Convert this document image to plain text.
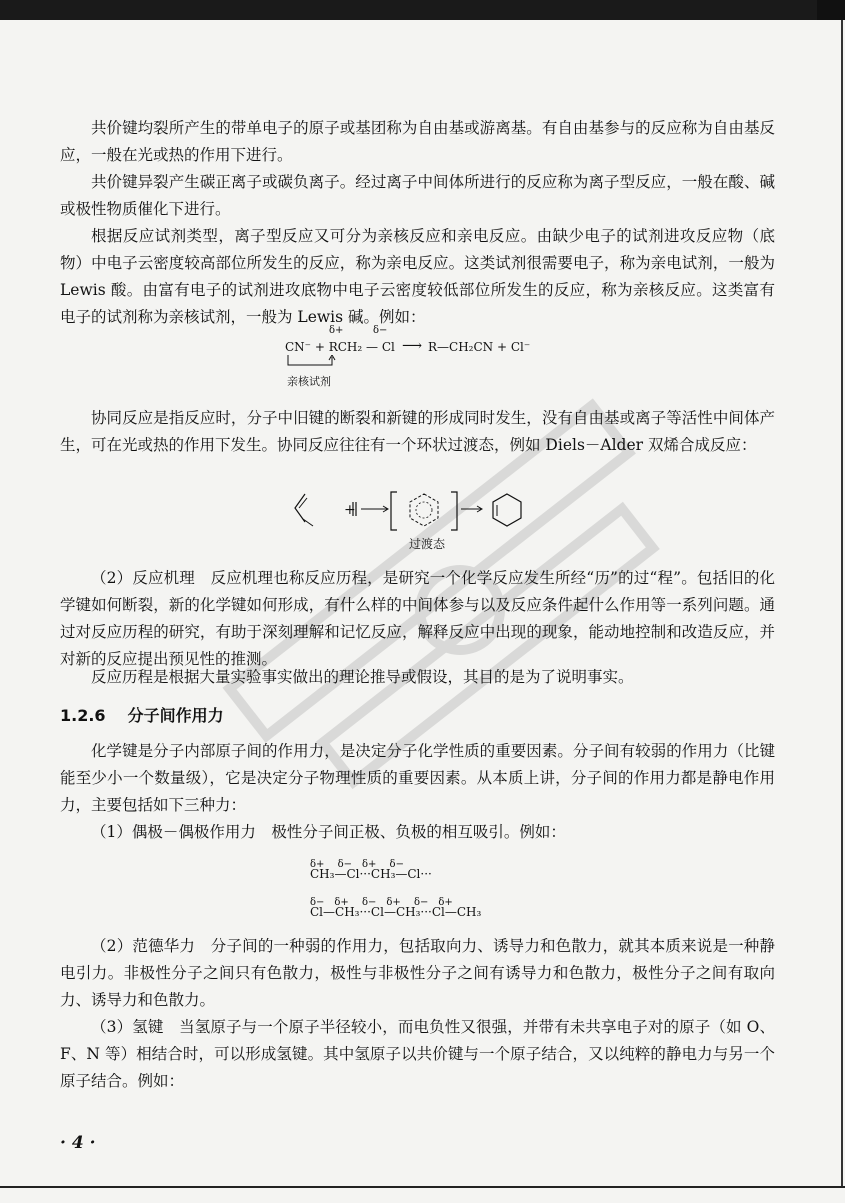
共价键均裂所产生的带单电子的原子或基团称为自由基或游离基。有自由基参与的反应称为自由基反应，一般在光或热的作用下进行。

共价键异裂产生碳正离子或碳负离子。经过离子中间体所进行的反应称为离子型反应，一般在酸、碱或极性物质催化下进行。

根据反应试剂类型，离子型反应又可分为亲核反应和亲电反应。由缺少电子的试剂进攻反应物（底物）中电子云密度较高部位所发生的反应，称为亲电反应。这类试剂很需要电子，称为亲电试剂，一般为 Lewis 酸。由富有电子的试剂进攻底物中电子云密度较低部位所发生的反应，称为亲核反应。这类富有电子的试剂称为亲核试剂，一般为 Lewis 碱。例如：

δ+	δ−
CN⁻ + RCH₂ — Cl ⟶ R—CH₂CN + Cl⁻
亲核试剂

协同反应是指反应时，分子中旧键的断裂和新键的形成同时发生，没有自由基或离子等活性中间体产生，可在光或热的作用下发生。协同反应往往有一个环状过渡态，例如 Diels－Alder 双烯合成反应：

+
过渡态

（2）反应机理　反应机理也称反应历程，是研究一个化学反应发生所经“历”的过“程”。包括旧的化学键如何断裂，新的化学键如何形成，有什么样的中间体参与以及反应条件起什么作用等一系列问题。通过对反应历程的研究，有助于深刻理解和记忆反应，解释反应中出现的现象，能动地控制和改造反应，并对新的反应提出预见性的推测。

反应历程是根据大量实验事实做出的理论推导或假设，其目的是为了说明事实。

1.2.6 分子间作用力

化学键是分子内部原子间的作用力，是决定分子化学性质的重要因素。分子间有较弱的作用力（比键能至少小一个数量级），它是决定分子物理性质的重要因素。从本质上讲，分子间的作用力都是静电作用力，主要包括如下三种力：

（1）偶极－偶极作用力　极性分子间正极、负极的相互吸引。例如：

δ+　 δ−　δ+　 δ−
CH₃—Cl···CH₃—Cl···
δ−　δ+　 δ−　δ+　 δ−　δ+
Cl—CH₃···Cl—CH₃···Cl—CH₃

（2）范德华力　分子间的一种弱的作用力，包括取向力、诱导力和色散力，就其本质来说是一种静电引力。非极性分子之间只有色散力，极性与非极性分子之间有诱导力和色散力，极性分子之间有取向力、诱导力和色散力。

（3）氢键　当氢原子与一个原子半径较小，而电负性又很强，并带有未共享电子对的原子（如 O、F、N 等）相结合时，可以形成氢键。其中氢原子以共价键与一个原子结合，又以纯粹的静电力与另一个原子结合。例如：

· 4 ·
